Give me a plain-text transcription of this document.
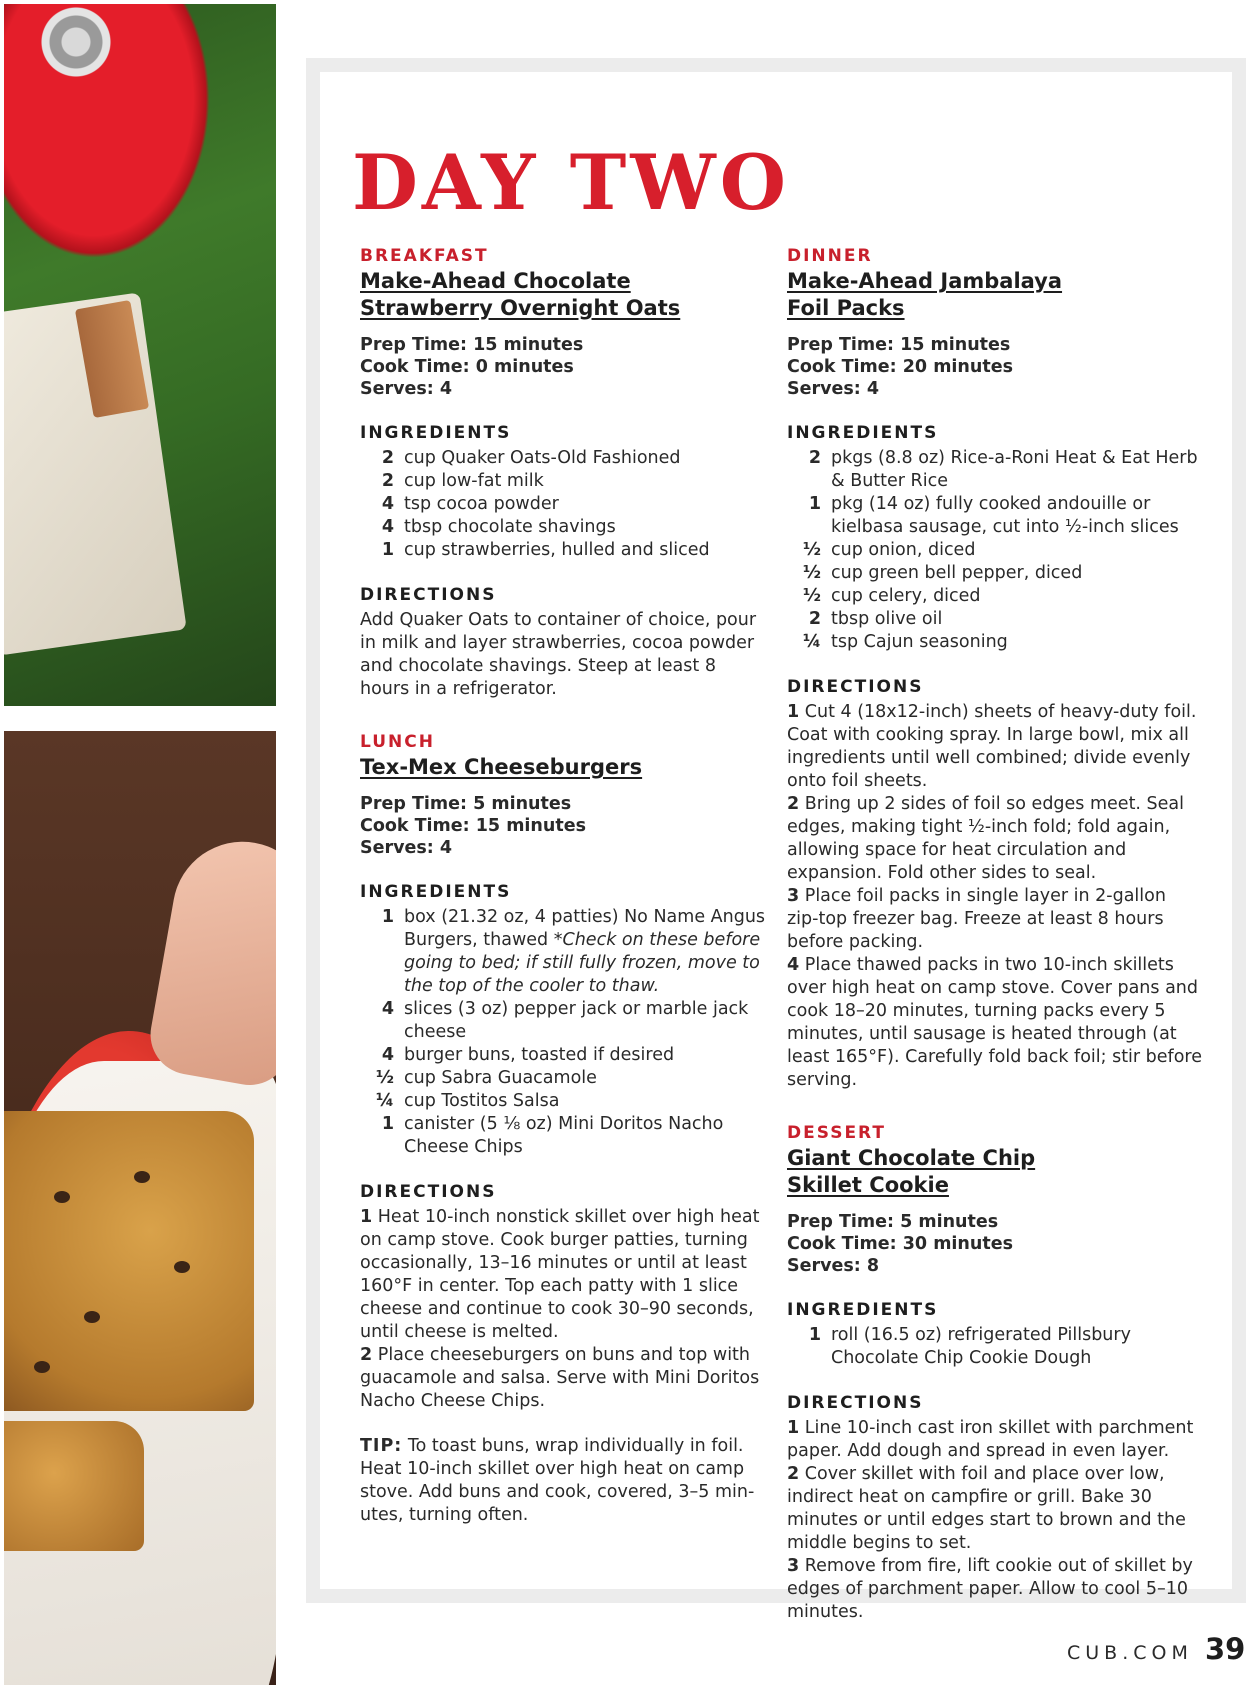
DAY TWO

BREAKFAST

Make-Ahead Chocolate
Strawberry Overnight Oats

Prep Time: 15 minutes
Cook Time: 0 minutes
Serves: 4

INGREDIENTS

2 cup Quaker Oats-Old Fashioned
2 cup low-fat milk
4 tsp cocoa powder
4 tbsp chocolate shavings
1 cup strawberries, hulled and sliced

DIRECTIONS

Add Quaker Oats to container of choice, pour in milk and layer strawberries, cocoa powder and chocolate shavings. Steep at least 8 hours in a refrigerator.

LUNCH

Tex-Mex Cheeseburgers

Prep Time: 5 minutes
Cook Time: 15 minutes
Serves: 4

INGREDIENTS

1 box (21.32 oz, 4 patties) No Name Angus Burgers, thawed *Check on these before going to bed; if still fully frozen, move to the top of the cooler to thaw.
4 slices (3 oz) pepper jack or marble jack cheese
4 burger buns, toasted if desired
½ cup Sabra Guacamole
¼ cup Tostitos Salsa
1 canister (5 ⅛ oz) Mini Doritos Nacho Cheese Chips

DIRECTIONS

1 Heat 10-inch nonstick skillet over high heat on camp stove. Cook burger patties, turning occasionally, 13–16 minutes or until at least 160°F in center. Top each patty with 1 slice cheese and continue to cook 30–90 seconds, until cheese is melted.

2 Place cheeseburgers on buns and top with guacamole and salsa. Serve with Mini Doritos Nacho Cheese Chips.

TIP: To toast buns, wrap individually in foil. Heat 10-inch skillet over high heat on camp stove. Add buns and cook, covered, 3–5 min-utes, turning often.

DINNER

Make-Ahead Jambalaya
Foil Packs

Prep Time: 15 minutes
Cook Time: 20 minutes
Serves: 4

INGREDIENTS

2 pkgs (8.8 oz) Rice-a-Roni Heat & Eat Herb & Butter Rice
1 pkg (14 oz) fully cooked andouille or kielbasa sausage, cut into ½-inch slices
½ cup onion, diced
½ cup green bell pepper, diced
½ cup celery, diced
2 tbsp olive oil
¼ tsp Cajun seasoning

DIRECTIONS

1 Cut 4 (18x12-inch) sheets of heavy-duty foil. Coat with cooking spray. In large bowl, mix all ingredients until well combined; divide evenly onto foil sheets.

2 Bring up 2 sides of foil so edges meet. Seal edges, making tight ½-inch fold; fold again, allowing space for heat circulation and expansion. Fold other sides to seal.

3 Place foil packs in single layer in 2-gallon zip-top freezer bag. Freeze at least 8 hours before packing.

4 Place thawed packs in two 10-inch skillets over high heat on camp stove. Cover pans and cook 18–20 minutes, turning packs every 5 minutes, until sausage is heated through (at least 165°F). Carefully fold back foil; stir before serving.

DESSERT

Giant Chocolate Chip
Skillet Cookie

Prep Time: 5 minutes
Cook Time: 30 minutes
Serves: 8

INGREDIENTS

1 roll (16.5 oz) refrigerated Pillsbury Chocolate Chip Cookie Dough

DIRECTIONS

1 Line 10-inch cast iron skillet with parchment paper. Add dough and spread in even layer.

2 Cover skillet with foil and place over low, indirect heat on campfire or grill. Bake 30 minutes or until edges start to brown and the middle begins to set.

3 Remove from fire, lift cookie out of skillet by edges of parchment paper. Allow to cool 5–10 minutes.

CUB.COM 39
